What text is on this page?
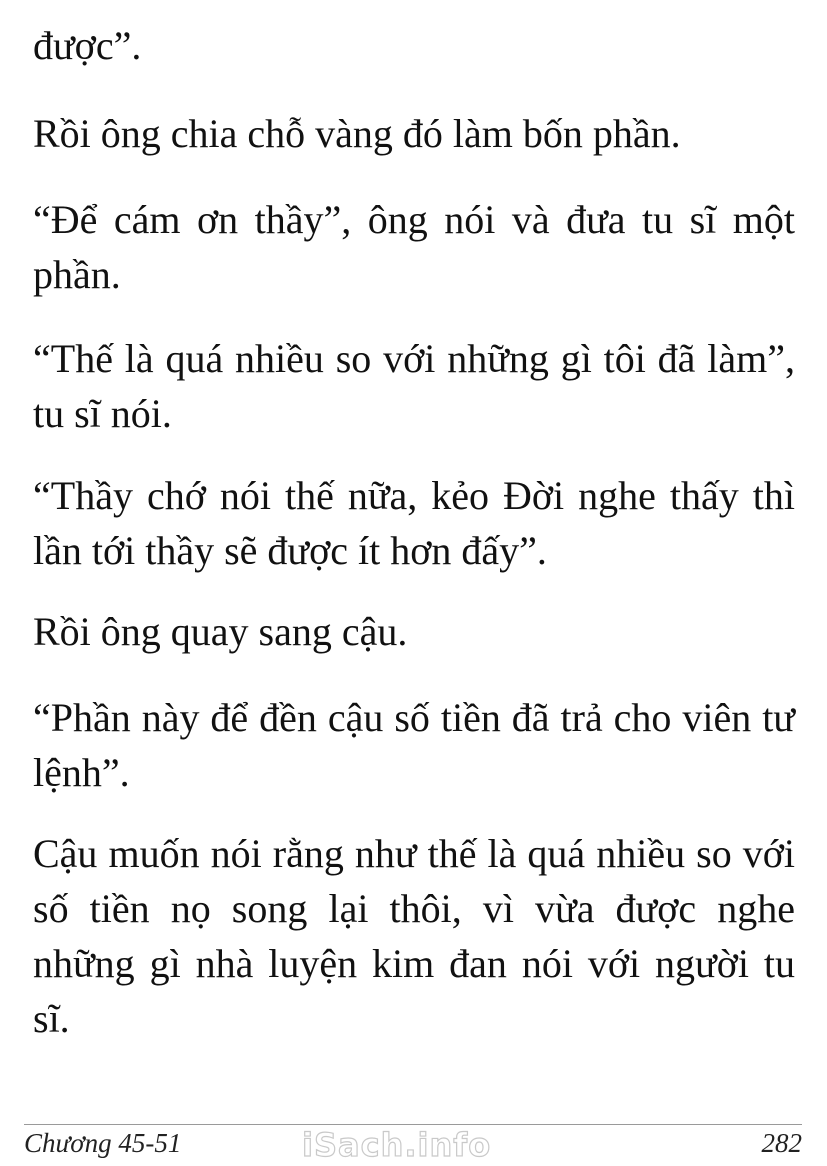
được”.

Rồi ông chia chỗ vàng đó làm bốn phần.

“Để cám ơn thầy”, ông nói và đưa tu sĩ một phần.

“Thế là quá nhiều so với những gì tôi đã làm”, tu sĩ nói.

“Thầy chớ nói thế nữa, kẻo Đời nghe thấy thì lần tới thầy sẽ được ít hơn đấy”.

Rồi ông quay sang cậu.

“Phần này để đền cậu số tiền đã trả cho viên tư lệnh”.

Cậu muốn nói rằng như thế là quá nhiều so với số tiền nọ song lại thôi, vì vừa được nghe những gì nhà luyện kim đan nói với người tu sĩ.

Chương 45-51	iSach.info	282
